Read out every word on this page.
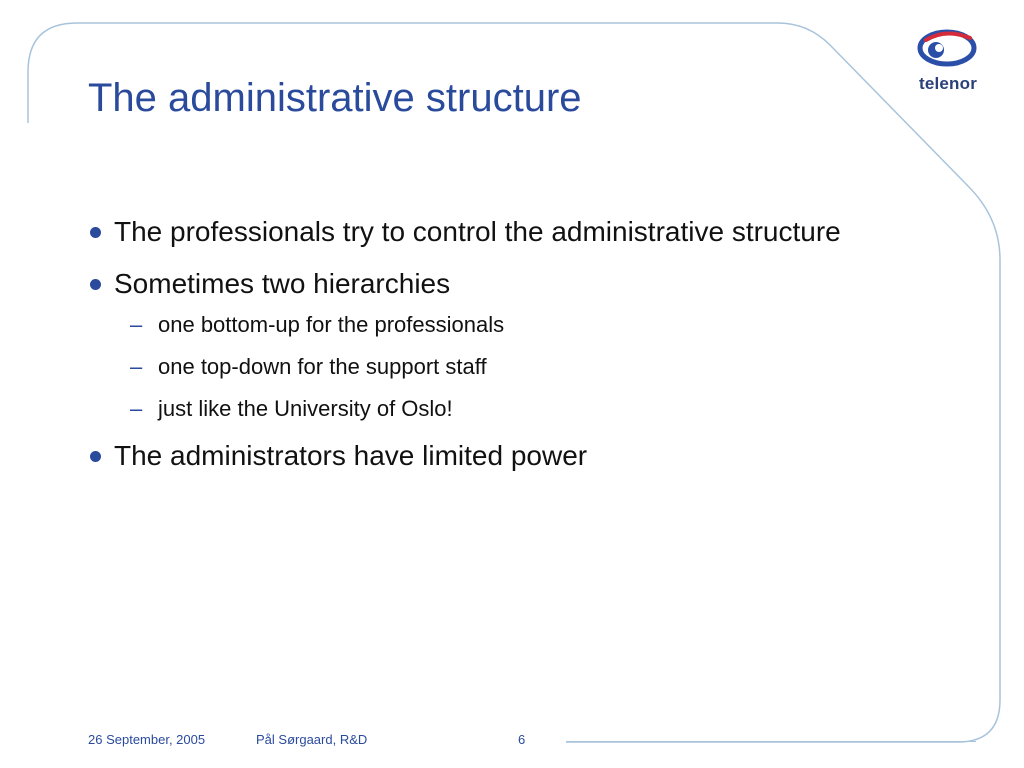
The administrative structure	telenor
The professionals try to control the administrative structure
Sometimes two hierarchies
– one bottom-up for the professionals
– one top-down for the support staff
– just like the University of Oslo!
The administrators have limited power
26 September, 2005	Pål Sørgaard, R&D	6
